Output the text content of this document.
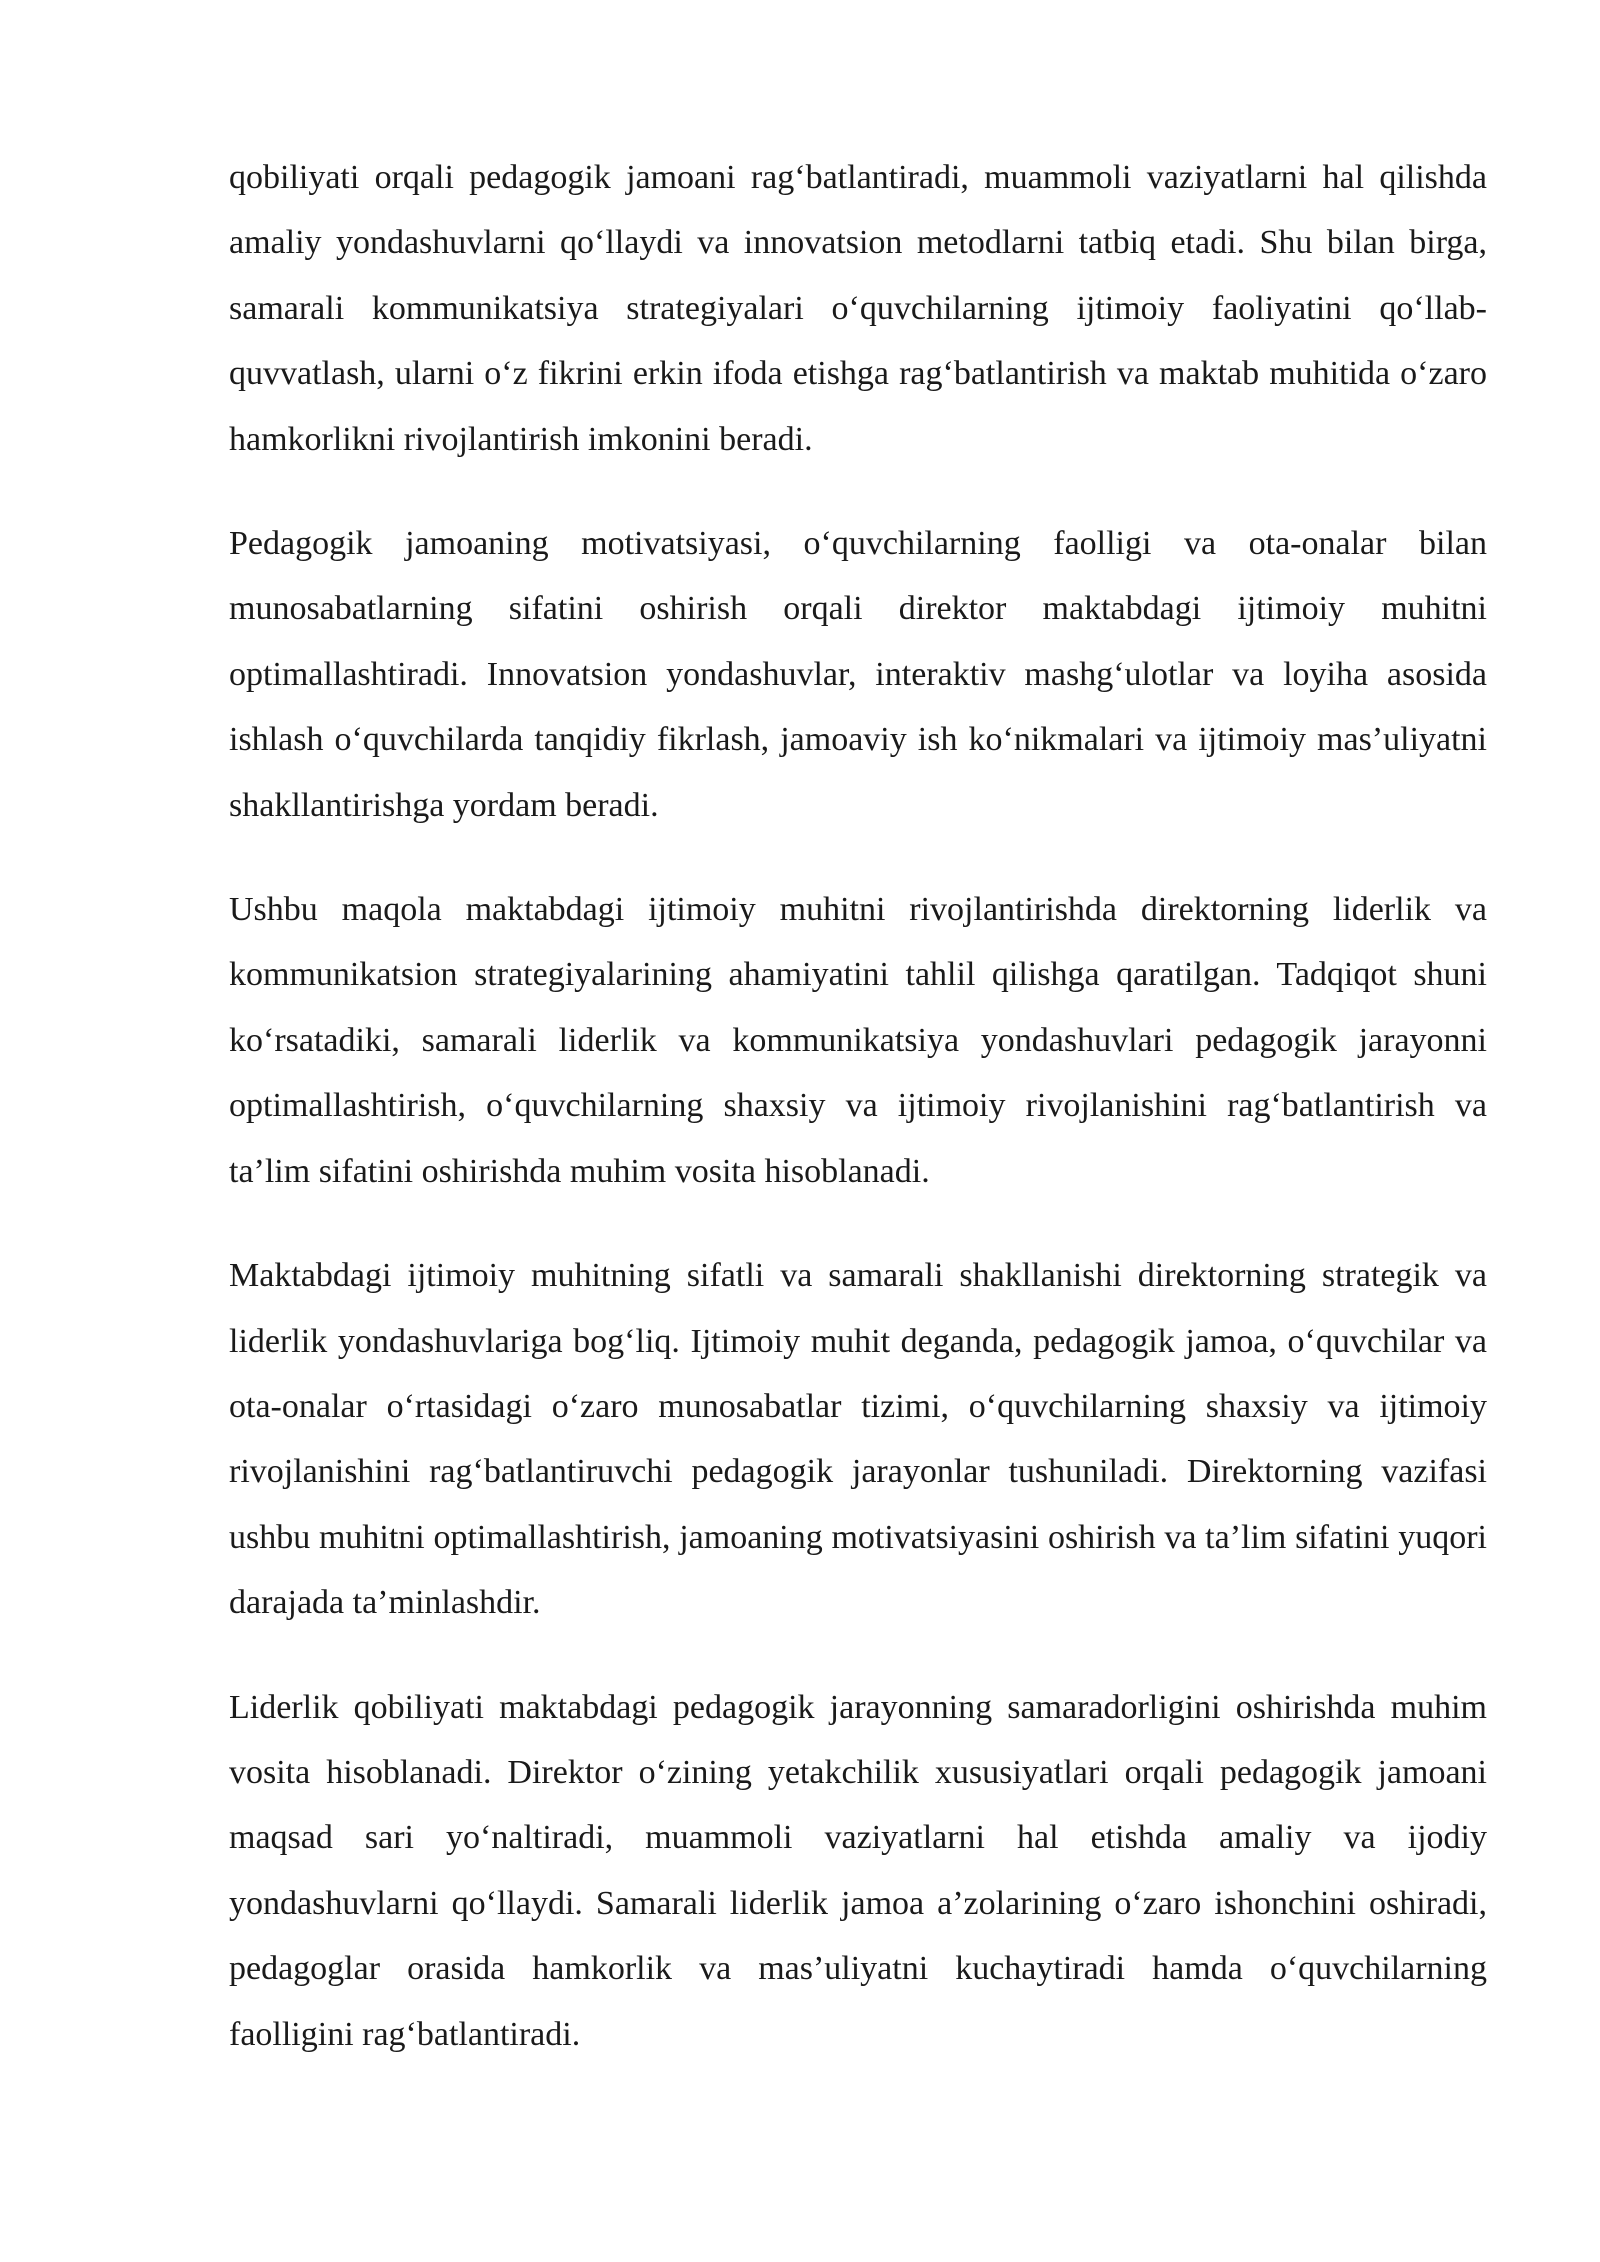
qobiliyati orqali pedagogik jamoani rag‘batlantiradi, muammoli vaziyatlarni hal qilishda amaliy yondashuvlarni qo‘llaydi va innovatsion metodlarni tatbiq etadi. Shu bilan birga, samarali kommunikatsiya strategiyalari o‘quvchilarning ijtimoiy faoliyatini qo‘llab-quvvatlash, ularni o‘z fikrini erkin ifoda etishga rag‘batlantirish va maktab muhitida o‘zaro hamkorlikni rivojlantirish imkonini beradi.

Pedagogik jamoaning motivatsiyasi, o‘quvchilarning faolligi va ota-onalar bilan munosabatlarning sifatini oshirish orqali direktor maktabdagi ijtimoiy muhitni optimallashtiradi. Innovatsion yondashuvlar, interaktiv mashg‘ulotlar va loyiha asosida ishlash o‘quvchilarda tanqidiy fikrlash, jamoaviy ish ko‘nikmalari va ijtimoiy mas’uliyatni shakllantirishga yordam beradi.

Ushbu maqola maktabdagi ijtimoiy muhitni rivojlantirishda direktorning liderlik va kommunikatsion strategiyalarining ahamiyatini tahlil qilishga qaratilgan. Tadqiqot shuni ko‘rsatadiki, samarali liderlik va kommunikatsiya yondashuvlari pedagogik jarayonni optimallashtirish, o‘quvchilarning shaxsiy va ijtimoiy rivojlanishini rag‘batlantirish va ta’lim sifatini oshirishda muhim vosita hisoblanadi.

Maktabdagi ijtimoiy muhitning sifatli va samarali shakllanishi direktorning strategik va liderlik yondashuvlariga bog‘liq. Ijtimoiy muhit deganda, pedagogik jamoa, o‘quvchilar va ota-onalar o‘rtasidagi o‘zaro munosabatlar tizimi, o‘quvchilarning shaxsiy va ijtimoiy rivojlanishini rag‘batlantiruvchi pedagogik jarayonlar tushuniladi. Direktorning vazifasi ushbu muhitni optimallashtirish, jamoaning motivatsiyasini oshirish va ta’lim sifatini yuqori darajada ta’minlashdir.

Liderlik qobiliyati maktabdagi pedagogik jarayonning samaradorligini oshirishda muhim vosita hisoblanadi. Direktor o‘zining yetakchilik xususiyatlari orqali pedagogik jamoani maqsad sari yo‘naltiradi, muammoli vaziyatlarni hal etishda amaliy va ijodiy yondashuvlarni qo‘llaydi. Samarali liderlik jamoa a’zolarining o‘zaro ishonchini oshiradi, pedagoglar orasida hamkorlik va mas’uliyatni kuchaytiradi hamda o‘quvchilarning faolligini rag‘batlantiradi.
